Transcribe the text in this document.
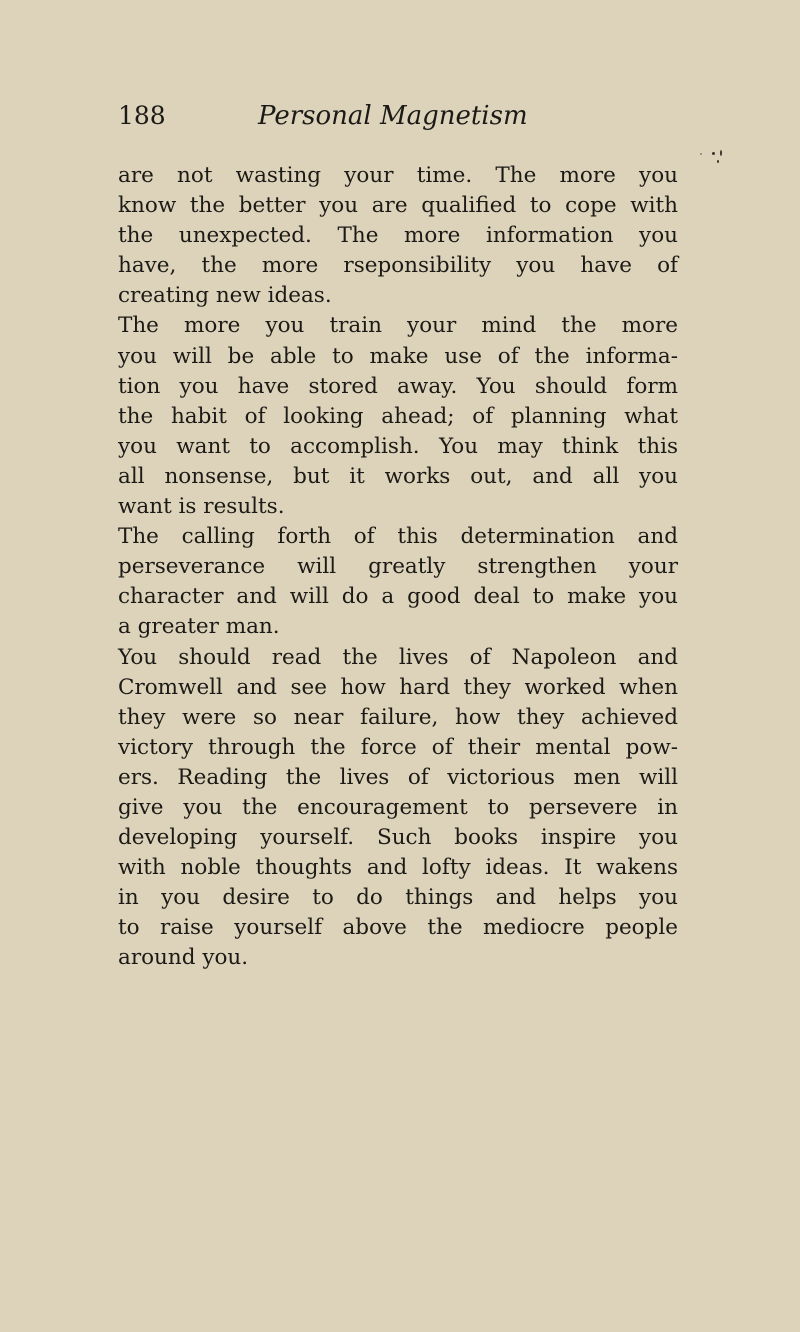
188	Personal Magnetism
are not wasting your time. The more you
know the better you are qualified to cope with
the unexpected. The more information you
have, the more rseponsibility you have of
creating new ideas.
The more you train your mind the more
you will be able to make use of the informa-
tion you have stored away. You should form
the habit of looking ahead; of planning what
you want to accomplish. You may think this
all nonsense, but it works out, and all you
want is results.
The calling forth of this determination and
perseverance will greatly strengthen your
character and will do a good deal to make you
a greater man.
You should read the lives of Napoleon and
Cromwell and see how hard they worked when
they were so near failure, how they achieved
victory through the force of their mental pow-
ers. Reading the lives of victorious men will
give you the encouragement to persevere in
developing yourself. Such books inspire you
with noble thoughts and lofty ideas. It wakens
in you desire to do things and helps you
to raise yourself above the mediocre people
around you.
